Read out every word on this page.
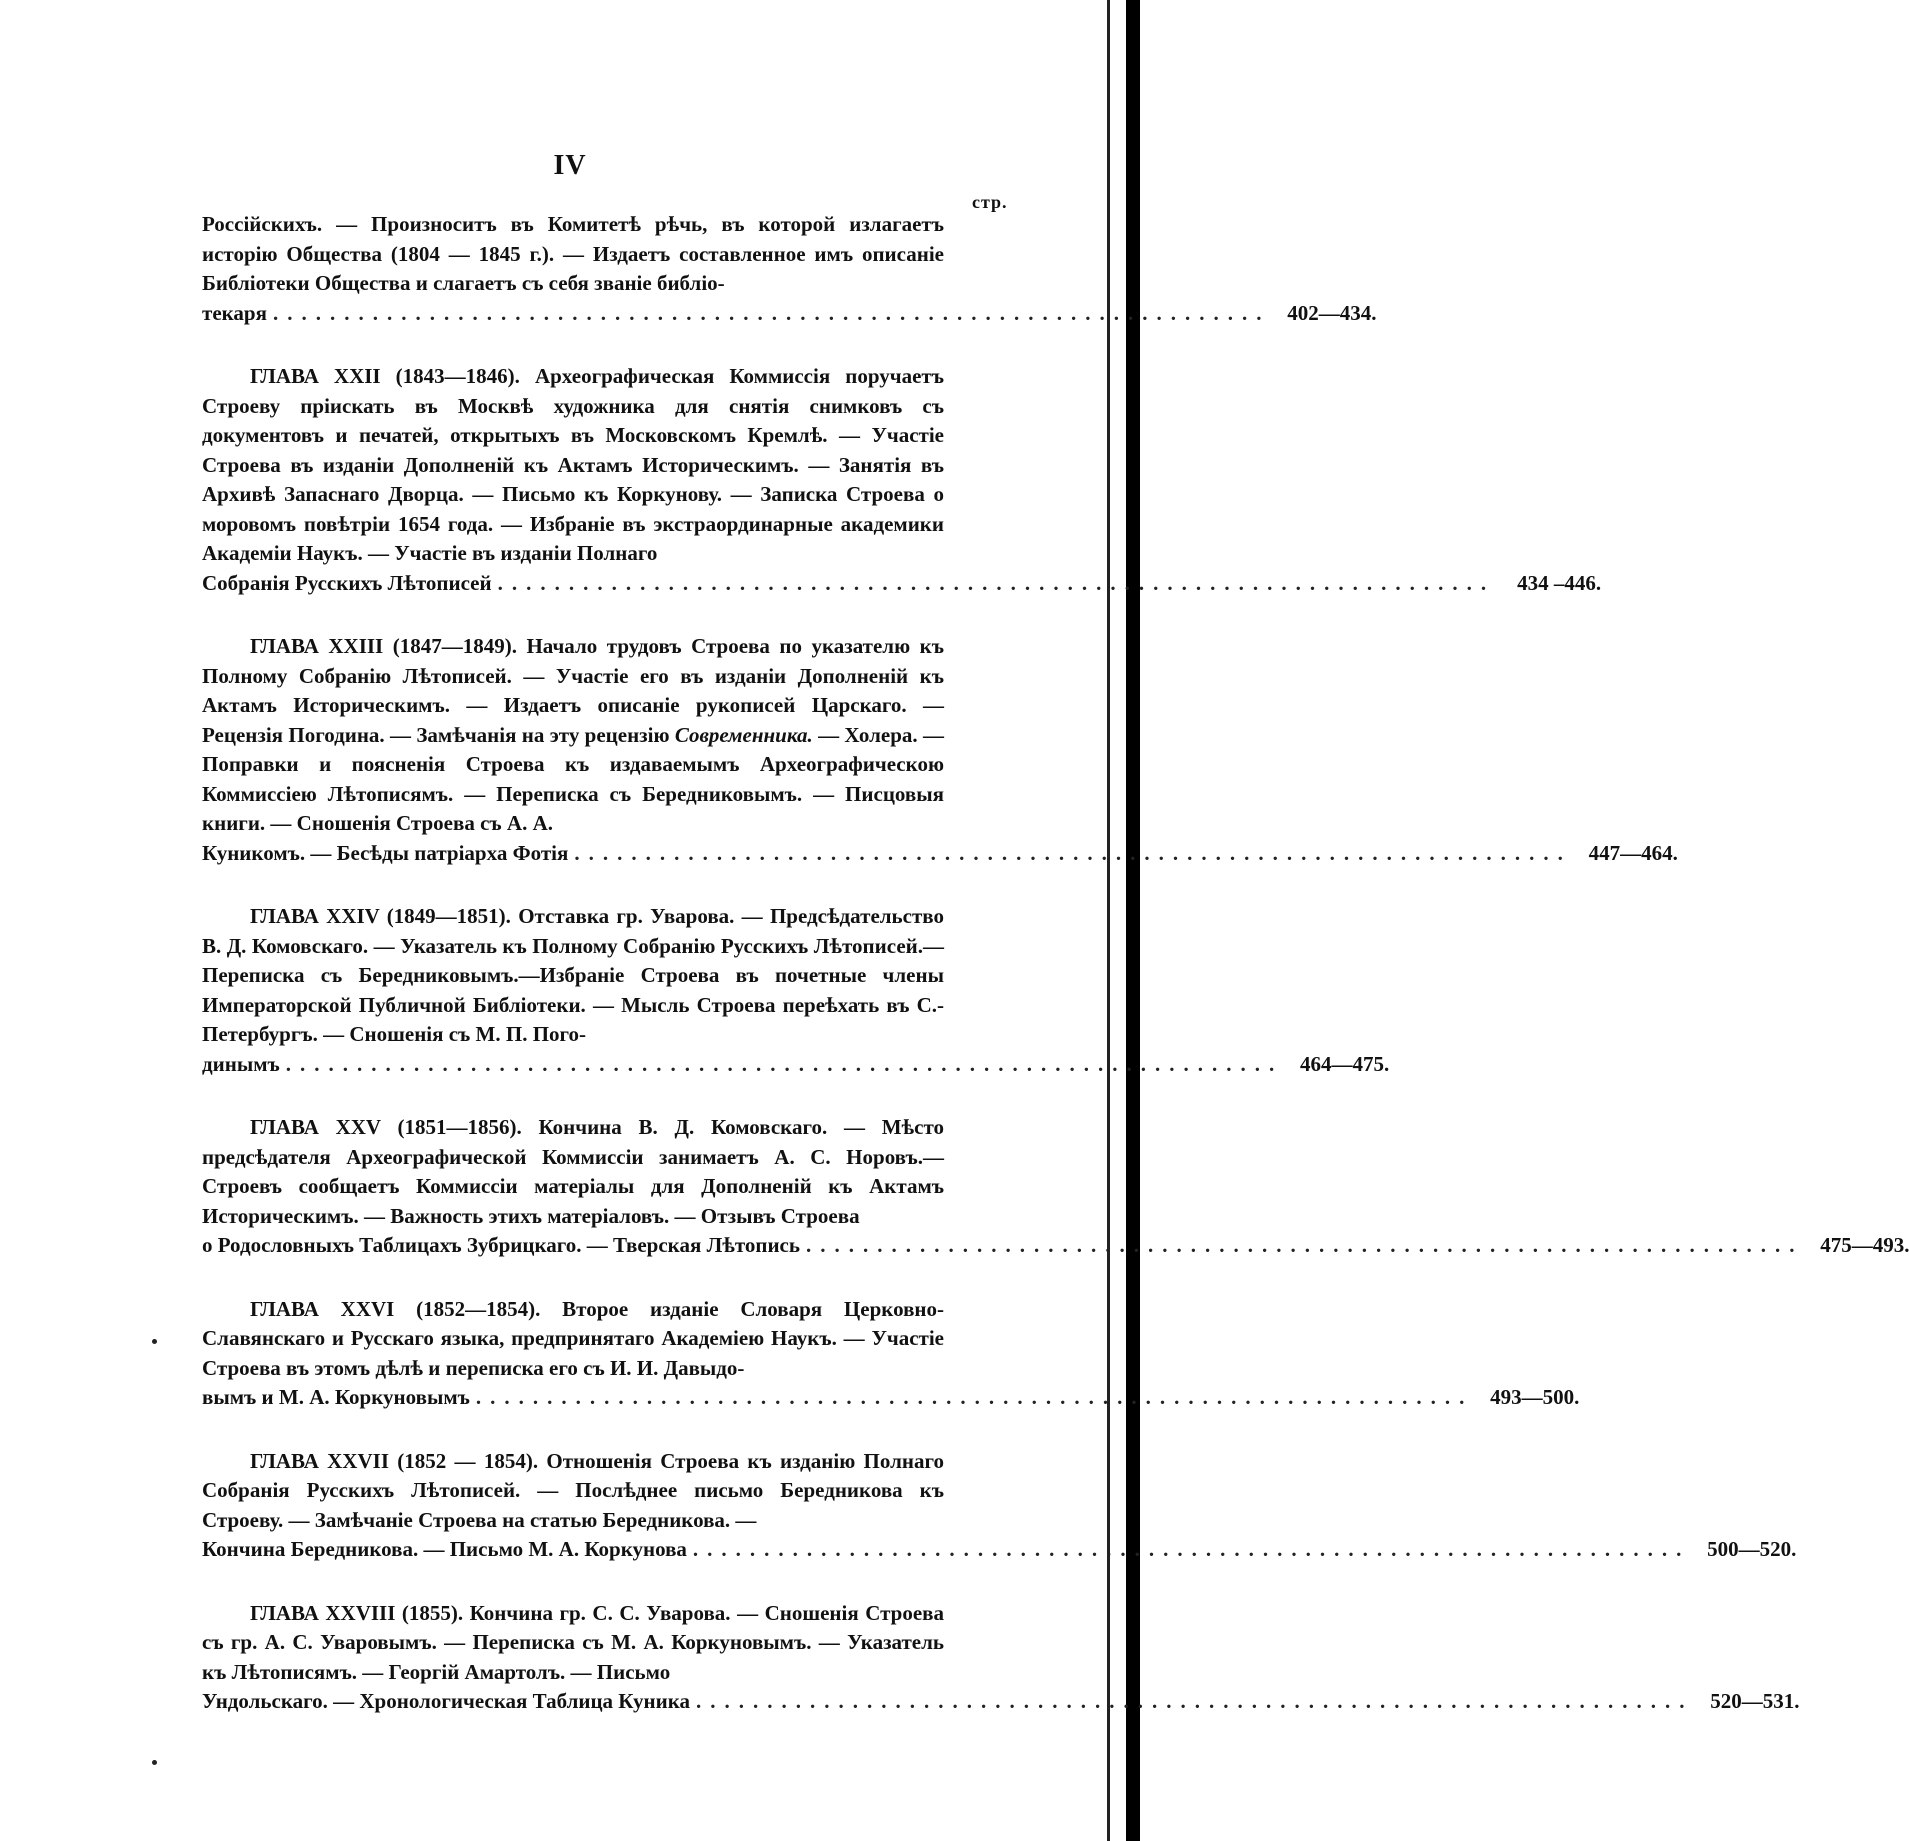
IV
стр.

Россійскихъ. — Произноситъ въ Комитетѣ рѣчь, въ которой излагаетъ исторію Общества (1804 — 1845 г.). — Издаетъ составленное имъ описаніе Библіотеки Общества и слагаетъ съ себя званіе библіо-

текаря ...................................................................... 402—434.

ГЛАВА XXII (1843—1846). Археографическая Коммиссія поручаетъ Строеву пріискать въ Москвѣ художника для снятія снимковъ съ документовъ и печатей, открытыхъ въ Московскомъ Кремлѣ. — Участіе Строева въ изданіи Дополненій къ Актамъ Историческимъ. — Занятія въ Архивѣ Запаснаго Дворца. — Письмо къ Коркунову. — Записка Строева о моровомъ повѣтріи 1654 года. — Избраніе въ экстраординарные академики Академіи Наукъ. — Участіе въ изданіи Полнаго

Собранія Русскихъ Лѣтописей ......................................................................	434 –446.

ГЛАВА XXIII (1847—1849). Начало трудовъ Строева по указателю къ Полному Собранію Лѣтописей. — Участіе его въ изданіи Дополненій къ Актамъ Историческимъ. — Издаетъ описаніе рукописей Царскаго. — Рецензія Погодина. — Замѣчанія на эту рецензію Современника. — Холера. — Поправки и поясненія Строева къ издаваемымъ Археографическою Коммиссіею Лѣтописямъ. — Переписка съ Бередниковымъ. — Писцовыя книги. — Сношенія Строева съ А. А.

Куникомъ. — Бесѣды патріарха Фотія ...................................................................... 447—464.

ГЛАВА XXIV (1849—1851). Отставка гр. Уварова. — Предсѣдательство В. Д. Комовскаго. — Указатель къ Полному Собранію Русскихъ Лѣтописей.—Переписка съ Бередниковымъ.—Избраніе Строева въ почетные члены Императорской Публичной Библіотеки. — Мысль Строева переѣхать въ С.-Петербургъ. — Сношенія съ М. П. Пого-

динымъ ...................................................................... 464—475.

ГЛАВА XXV (1851—1856). Кончина В. Д. Комовскаго. — Мѣсто предсѣдателя Археографической Коммиссіи занимаетъ А. С. Норовъ.— Строевъ сообщаетъ Коммиссіи матеріалы для Дополненій къ Актамъ Историческимъ. — Важность этихъ матеріаловъ. — Отзывъ Строева

о Родословныхъ Таблицахъ Зубрицкаго. — Тверская Лѣтопись ...................................................................... 475—493.

ГЛАВА XXVI (1852—1854). Второе изданіе Словаря Церковно-Славянскаго и Русскаго языка, предпринятаго Академіею Наукъ. — Участіе Строева въ этомъ дѣлѣ и переписка его съ И. И. Давыдо-

вымъ и М. А. Коркуновымъ ...................................................................... 493—500.

ГЛАВА XXVII (1852 — 1854). Отношенія Строева къ изданію Полнаго Собранія Русскихъ Лѣтописей. — Послѣднее письмо Бередникова къ Строеву. — Замѣчаніе Строева на статью Бередникова. —

Кончина Бередникова. — Письмо М. А. Коркунова ...................................................................... 500—520.

ГЛАВА XXVIII (1855). Кончина гр. С. С. Уварова. — Сношенія Строева съ гр. А. С. Уваровымъ. — Переписка съ М. А. Коркуновымъ. — Указатель къ Лѣтописямъ. — Георгій Амартолъ. — Письмо

Ундольскаго. — Хронологическая Таблица Куника ...................................................................... 520—531.
